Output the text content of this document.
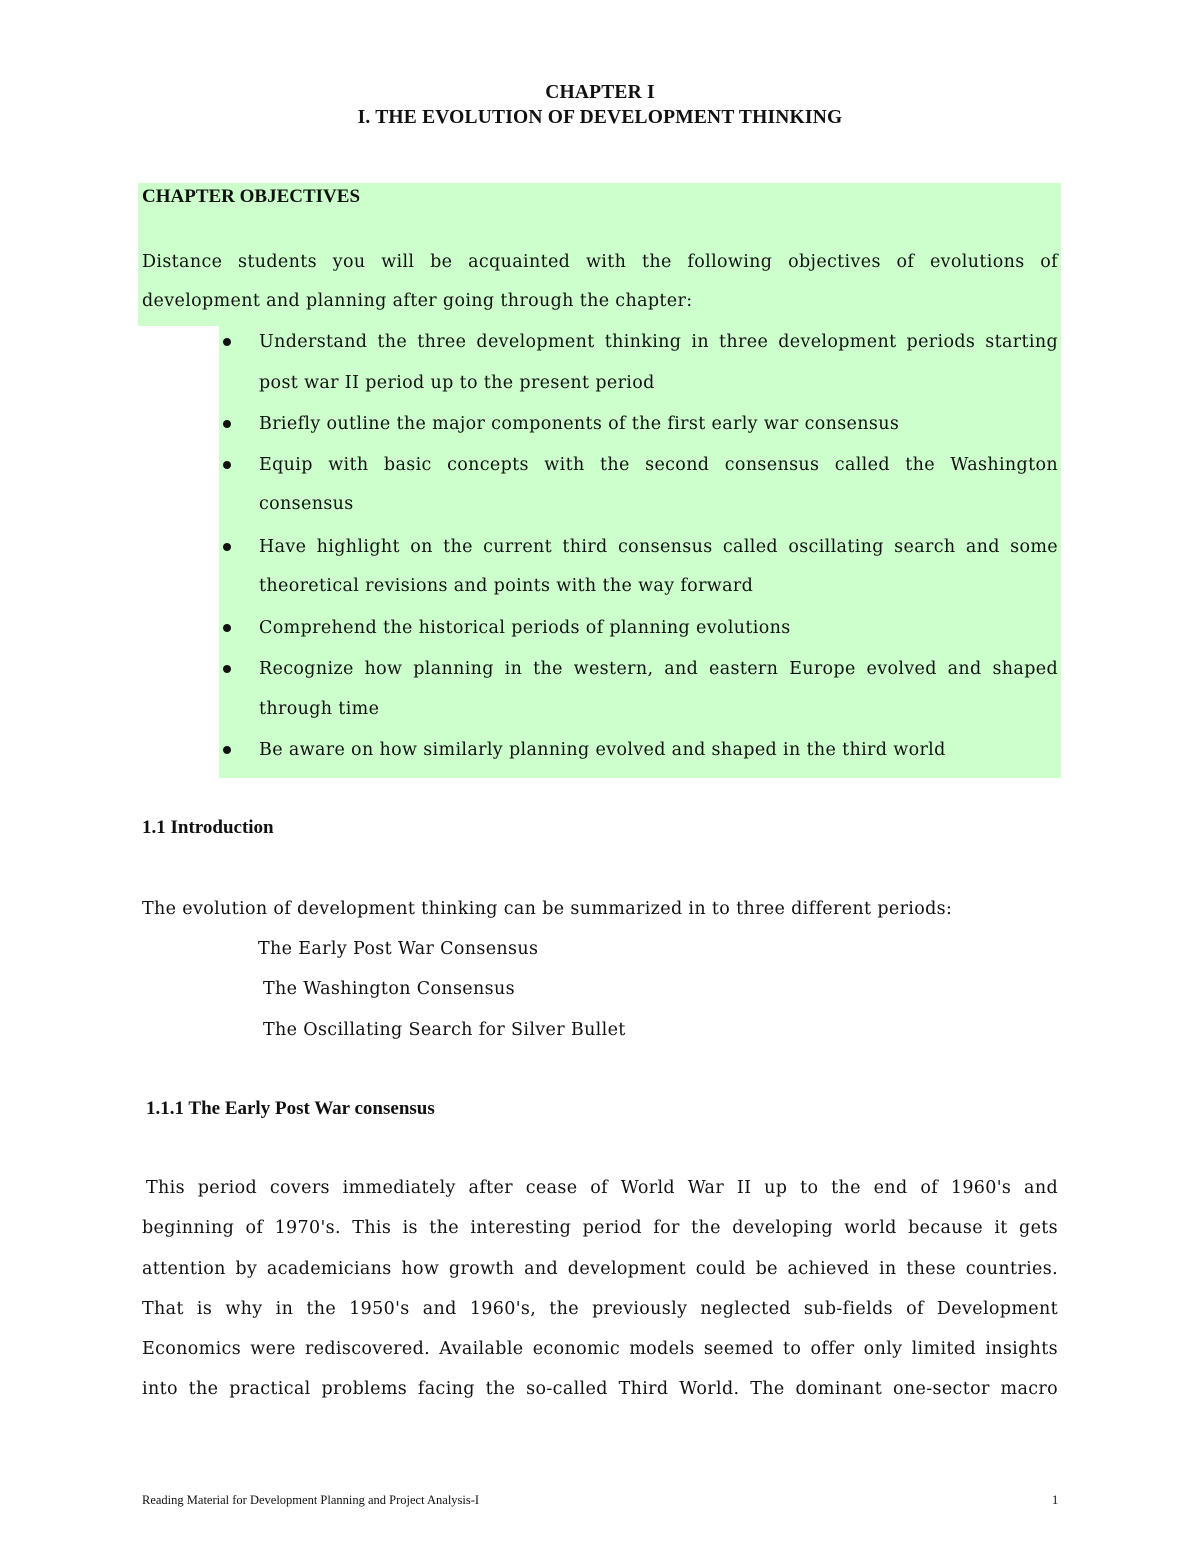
CHAPTER I
I. THE EVOLUTION OF DEVELOPMENT THINKING
CHAPTER OBJECTIVES
Distance students you will be acquainted with the following objectives of evolutions of
development and planning after going through the chapter:
Understand the three development thinking in three development periods starting
post war II period up to the present period
Briefly outline the major components of the first early war consensus
Equip with basic concepts with the second consensus called the Washington
consensus
Have highlight on the current third consensus called oscillating search and some
theoretical revisions and points with the way forward
Comprehend the historical periods of planning evolutions
Recognize how planning in the western, and eastern Europe evolved and shaped
through time
Be aware on how similarly planning evolved and shaped in the third world
1.1 Introduction
The evolution of development thinking can be summarized in to three different periods:
The Early Post War Consensus
The Washington Consensus
The Oscillating Search for Silver Bullet
1.1.1 The Early Post War consensus
This period covers immediately after cease of World War II up to the end of 1960's and
beginning of 1970's. This is the interesting period for the developing world because it gets
attention by academicians how growth and development could be achieved in these countries.
That is why in the 1950's and 1960's, the previously neglected sub-fields of Development
Economics were rediscovered. Available economic models seemed to offer only limited insights
into the practical problems facing the so-called Third World. The dominant one-sector macro
Reading Material for Development Planning and Project Analysis-I	1
